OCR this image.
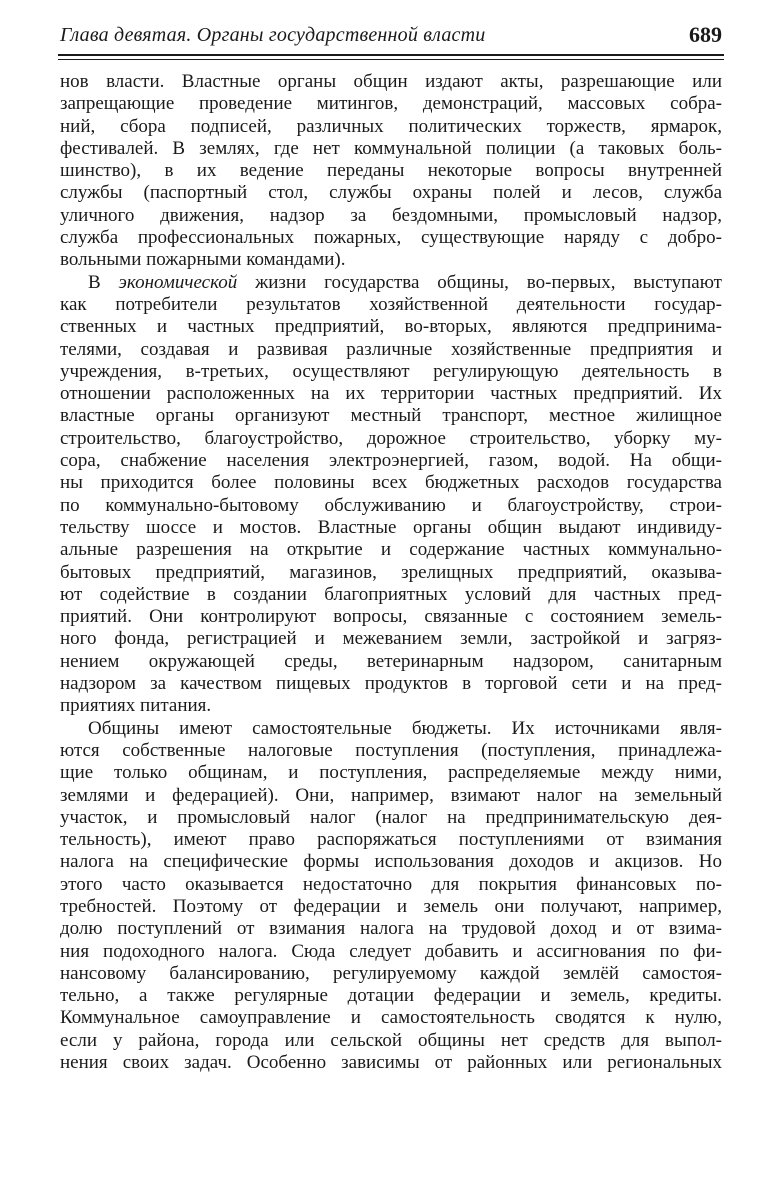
Глава девятая. Органы государственной власти	689
нов власти. Властные органы общин издают акты, разрешающие или
запрещающие проведение митингов, демонстраций, массовых собра-
ний, сбора подписей, различных политических торжеств, ярмарок,
фестивалей. В землях, где нет коммунальной полиции (а таковых боль-
шинство), в их ведение переданы некоторые вопросы внутренней
службы (паспортный стол, службы охраны полей и лесов, служба
уличного движения, надзор за бездомными, промысловый надзор,
служба профессиональных пожарных, существующие наряду с добро-
вольными пожарными командами).
В экономической жизни государства общины, во-первых, выступают
как потребители результатов хозяйственной деятельности государ-
ственных и частных предприятий, во-вторых, являются предпринима-
телями, создавая и развивая различные хозяйственные предприятия и
учреждения, в-третьих, осуществляют регулирующую деятельность в
отношении расположенных на их территории частных предприятий. Их
властные органы организуют местный транспорт, местное жилищное
строительство, благоустройство, дорожное строительство, уборку му-
сора, снабжение населения электроэнергией, газом, водой. На общи-
ны приходится более половины всех бюджетных расходов государства
по коммунально-бытовому обслуживанию и благоустройству, строи-
тельству шоссе и мостов. Властные органы общин выдают индивиду-
альные разрешения на открытие и содержание частных коммунально-
бытовых предприятий, магазинов, зрелищных предприятий, оказыва-
ют содействие в создании благоприятных условий для частных пред-
приятий. Они контролируют вопросы, связанные с состоянием земель-
ного фонда, регистрацией и межеванием земли, застройкой и загряз-
нением окружающей среды, ветеринарным надзором, санитарным
надзором за качеством пищевых продуктов в торговой сети и на пред-
приятиях питания.
Общины имеют самостоятельные бюджеты. Их источниками явля-
ются собственные налоговые поступления (поступления, принадлежа-
щие только общинам, и поступления, распределяемые между ними,
землями и федерацией). Они, например, взимают налог на земельный
участок, и промысловый налог (налог на предпринимательскую дея-
тельность), имеют право распоряжаться поступлениями от взимания
налога на специфические формы использования доходов и акцизов. Но
этого часто оказывается недостаточно для покрытия финансовых по-
требностей. Поэтому от федерации и земель они получают, например,
долю поступлений от взимания налога на трудовой доход и от взима-
ния подоходного налога. Сюда следует добавить и ассигнования по фи-
нансовому балансированию, регулируемому каждой землёй самостоя-
тельно, а также регулярные дотации федерации и земель, кредиты.
Коммунальное самоуправление и самостоятельность сводятся к нулю,
если у района, города или сельской общины нет средств для выпол-
нения своих задач. Особенно зависимы от районных или региональных
